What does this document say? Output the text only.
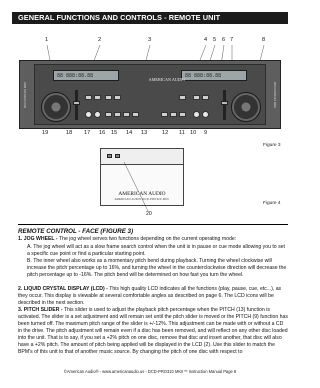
GENERAL FUNCTIONS AND CONTROLS - REMOTE UNIT
1	2	3	4 5 6 7	8
DCD-PRO310 MKII	DCD-PRO310 MKII
88 888:88.88	88 888:88.88
AMERICAN AUDIO
19	18 17 16 15 14 13	12 11 10 9
Figure 3
AMERICAN AUDIO
AMERICAN AUDIO DCD-PRO310 MKII
20
Figure 4
REMOTE CONTROL - FACE (FIGURE 3)
1. JOG WHEEL - The jog wheel serves two functions depending on the current operating mode:
A. The jog wheel will act as a slow frame search control when the unit is in pause or cue mode allowing you to set a specific cue point or find a particular starting point.
B. The inner wheel also works as a momentary pitch bend during playback. Turning the wheel clockwise will increase the pitch percentage up to 16%, and turning the wheel in the counterclockwise direction will decrease the pitch percentage up to -16%. The pitch bend will be determined on how fast you turn the wheel.
2. LIQUID CRYSTAL DISPLAY (LCD) - This high quality LCD indicates all the functions (play, pause, cue, etc...), as they occur. This display is viewable at several comfortable angles as described on page 6. The LCD icons will be described in the next section.
3. PITCH SLIDER - This slider is used to adjust the playback pitch percentage when the PITCH (13) function is activated. The slider is a set adjustment and will remain set until the pitch slider is moved or the PITCH (9) function has been turned off. The maximum pitch range of the slider is +/-12%. This adjustment can be made with or without a CD in the drive. The pitch adjustment will remain even if a disc has been removed, and will reflect on any other disc loaded into the unit. That is to say, if you set a +2% pitch on one disc, remove that disc and insert another, that disc will also have a +2% pitch. The amount of pitch being applied will be displayed in the LCD (2). Use this slider to match the BPM's of this unit to that of another music source. By changing the pitch of one disc with respect to
©American Audio® - www.americanaudio.us - DCD-PRO310 MKII™ Instruction Manual Page 8
